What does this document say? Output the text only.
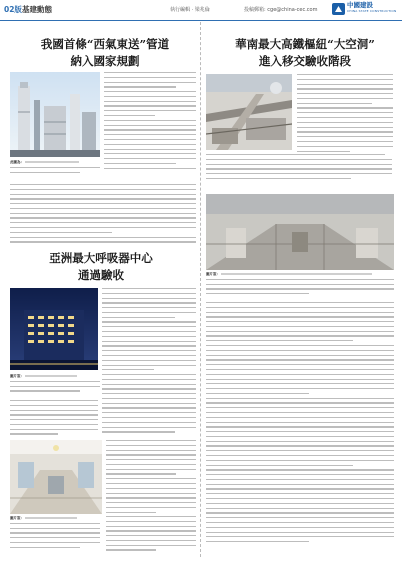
02版 基建動態	執行編輯 · 梁兆倫	投稿郵箱: cge@china-cec.com
中國建設
CHINA STATE CONSTRUCTION
我國首條“西氣東送”管道
納入國家規劃
此圖為：
華南最大高鐵樞紐“大空洞”
進入移交驗收階段
圖片說：
亞洲最大呼吸器中心
通過驗收
圖片說：
圖片說：
